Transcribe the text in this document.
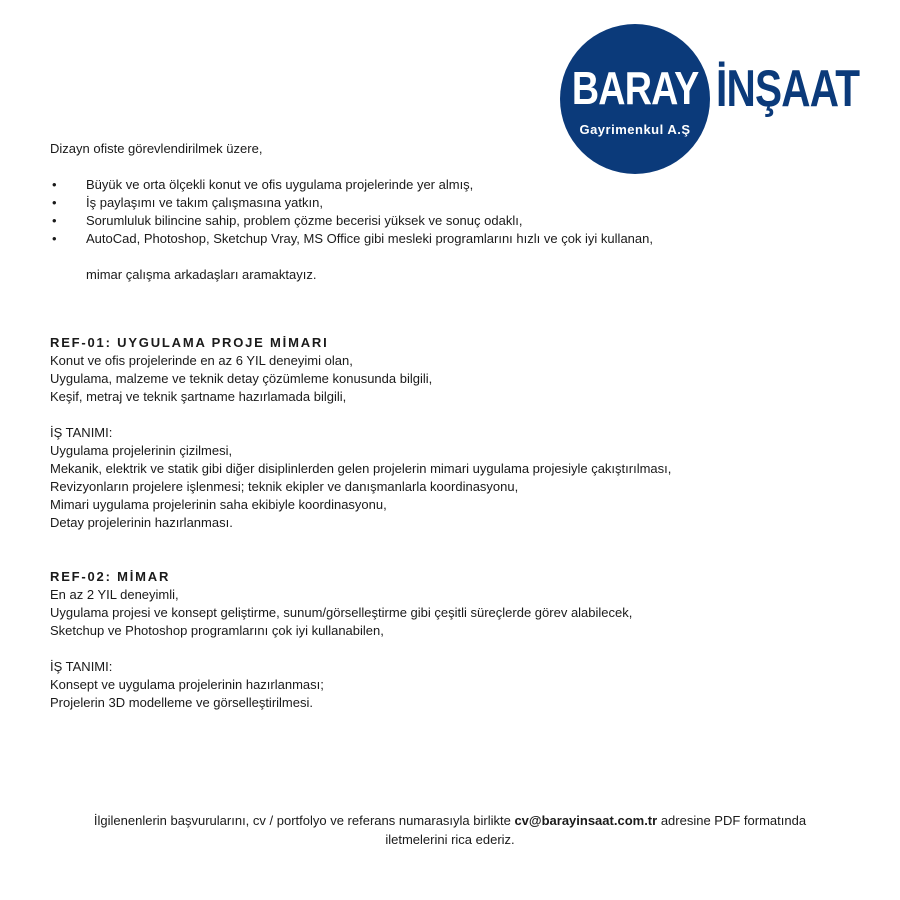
BARAY
Gayrimenkul A.Ş
İNŞAAT
Dizayn ofiste görevlendirilmek üzere,
• Büyük ve orta ölçekli konut ve ofis uygulama projelerinde yer almış,
• İş paylaşımı ve takım çalışmasına yatkın,
• Sorumluluk bilincine sahip, problem çözme becerisi yüksek ve sonuç odaklı,
• AutoCad, Photoshop, Sketchup Vray, MS Office gibi mesleki programlarını hızlı ve çok iyi kullanan,
mimar çalışma arkadaşları aramaktayız.
REF-01: UYGULAMA PROJE MİMARI
Konut ve ofis projelerinde en az 6 YIL deneyimi olan,
Uygulama, malzeme ve teknik detay çözümleme konusunda bilgili,
Keşif, metraj ve teknik şartname hazırlamada bilgili,
İŞ TANIMI:
Uygulama projelerinin çizilmesi,
Mekanik, elektrik ve statik gibi diğer disiplinlerden gelen projelerin mimari uygulama projesiyle çakıştırılması,
Revizyonların projelere işlenmesi; teknik ekipler ve danışmanlarla koordinasyonu,
Mimari uygulama projelerinin saha ekibiyle koordinasyonu,
Detay projelerinin hazırlanması.
REF-02: MİMAR
En az 2 YIL deneyimli,
Uygulama projesi ve konsept geliştirme, sunum/görselleştirme gibi çeşitli süreçlerde görev alabilecek,
Sketchup ve Photoshop programlarını çok iyi kullanabilen,
İŞ TANIMI:
Konsept ve uygulama projelerinin hazırlanması;
Projelerin 3D modelleme ve görselleştirilmesi.
İlgilenenlerin başvurularını, cv / portfolyo ve referans numarasıyla birlikte cv@barayinsaat.com.tr adresine PDF formatında
iletmelerini rica ederiz.
